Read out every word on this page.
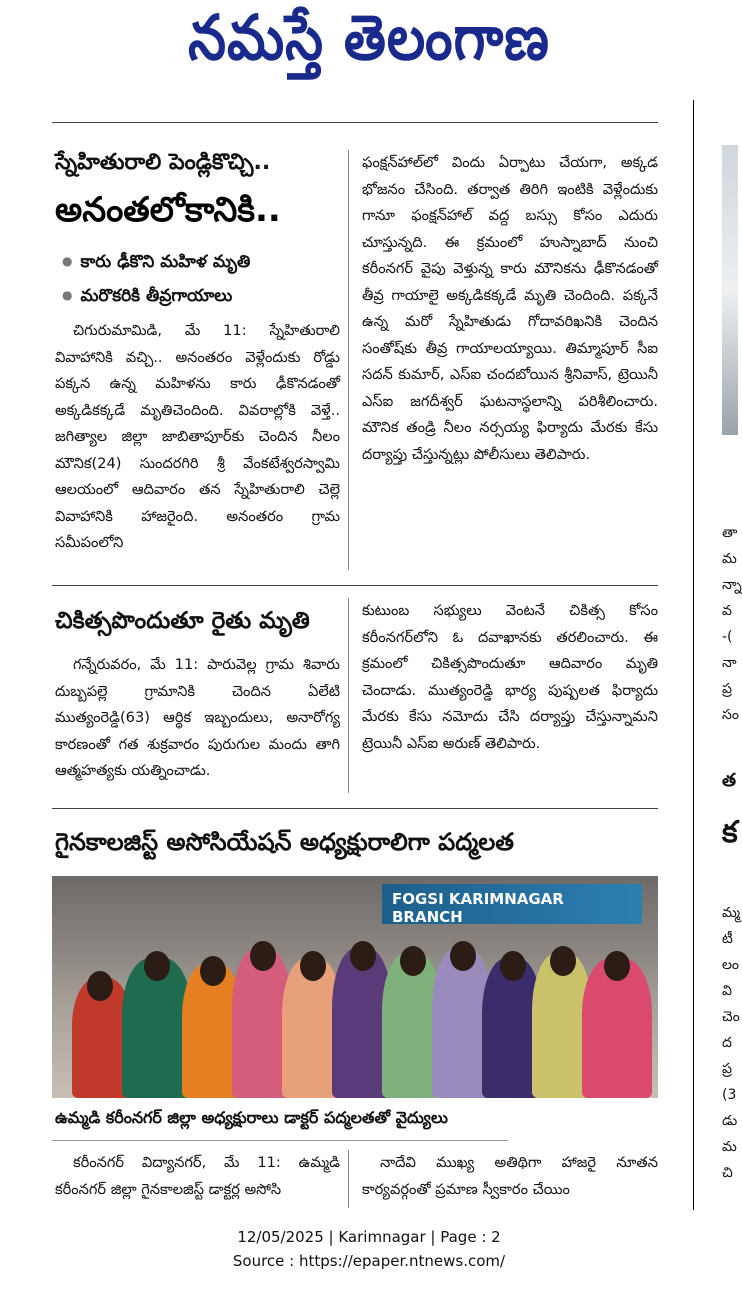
నమస్తే తెలంగాణ
స్నేహితురాలి పెండ్లికొచ్చి..
అనంతలోకానికి..
● కారు ఢీకొని మహిళ మృతి
● మరొకరికి తీవ్రగాయాలు

చిగురుమామిడి, మే 11: స్నేహితురాలి వివాహానికి వచ్చి.. అనంతరం వెళ్లేందుకు రోడ్డు పక్కన ఉన్న మహిళను కారు ఢీకొనడంతో అక్కడికక్కడే మృతిచెందింది. వివరాల్లోకి వెళ్తే.. జగిత్యాల జిల్లా జాబితాపూర్‌కు చెందిన నీలం మౌనిక(24) సుందరగిరి శ్రీ వేంకటేశ్వరస్వామి ఆలయంలో ఆదివారం తన స్నేహితురాలి చెల్లె వివాహానికి హాజరైంది. అనంతరం గ్రామ సమీపంలోని

ఫంక్షన్‌హాల్‌లో విందు ఏర్పాటు చేయగా, అక్కడ భోజనం చేసింది. తర్వాత తిరిగి ఇంటికి వెళ్లేందుకు గానూ ఫంక్షన్‌హాల్ వద్ద బస్సు కోసం ఎదురు చూస్తున్నది. ఈ క్రమంలో హుస్నాబాద్ నుంచి కరీంనగర్ వైపు వెళ్తున్న కారు మౌనికను ఢీకొనడంతో తీవ్ర గాయాలై అక్కడికక్కడే మృతి చెందింది. పక్కనే ఉన్న మరో స్నేహితుడు గోదావరిఖనికి చెందిన సంతోష్‌కు తీవ్ర గాయాలయ్యాయి. తిమ్మాపూర్ సీఐ సదన్ కుమార్, ఎస్‌ఐ చందబోయిన శ్రీనివాస్, ట్రెయినీ ఎస్‌ఐ జగదీశ్వర్ ఘటనాస్థలాన్ని పరిశీలించారు. మౌనిక తండ్రి నీలం నర్సయ్య ఫిర్యాదు మేరకు కేసు దర్యాప్తు చేస్తున్నట్లు పోలీసులు తెలిపారు.

చికిత్సపొందుతూ రైతు మృతి

గన్నేరువరం, మే 11: పారువెల్ల గ్రామ శివారు దుబ్బపల్లె గ్రామానికి చెందిన ఏలేటి ముత్యంరెడ్డి(63) ఆర్థిక ఇబ్బందులు, అనారోగ్య కారణంతో గత శుక్రవారం పురుగుల మందు తాగి ఆత్మహత్యకు యత్నించాడు.

కుటుంబ సభ్యులు వెంటనే చికిత్స కోసం కరీంనగర్‌లోని ఓ దవాఖానకు తరలించారు. ఈ క్రమంలో చికిత్సపొందుతూ ఆదివారం మృతి చెందాడు. ముత్యంరెడ్డి భార్య పుష్పలత ఫిర్యాదు మేరకు కేసు నమోదు చేసి దర్యాప్తు చేస్తున్నామని ట్రెయినీ ఎస్‌ఐ అరుణ్ తెలిపారు.

గైనకాలజిస్ట్ అసోసియేషన్ అధ్యక్షురాలిగా పద్మలత
FOGSI KARIMNAGAR BRANCH
ఉమ్మడి కరీంనగర్ జిల్లా అధ్యక్షురాలు డాక్టర్ పద్మలతతో వైద్యులు

కరీంనగర్ విద్యానగర్, మే 11: ఉమ్మడి కరీంనగర్ జిల్లా గైనకాలజిస్ట్ డాక్టర్ల అసోసి

నాదేవి ముఖ్య అతిథిగా హాజరై నూతన కార్యవర్గంతో ప్రమాణ స్వీకారం చేయిం

తా
మ
న్నా
వ
-(
నా
ప్ర
సం
త
క
మ్మ
టీ
లం
వి
చెం
ద
ప్ర
(3
డు
మ
చి
12/05/2025 | Karimnagar | Page : 2
Source : https://epaper.ntnews.com/
